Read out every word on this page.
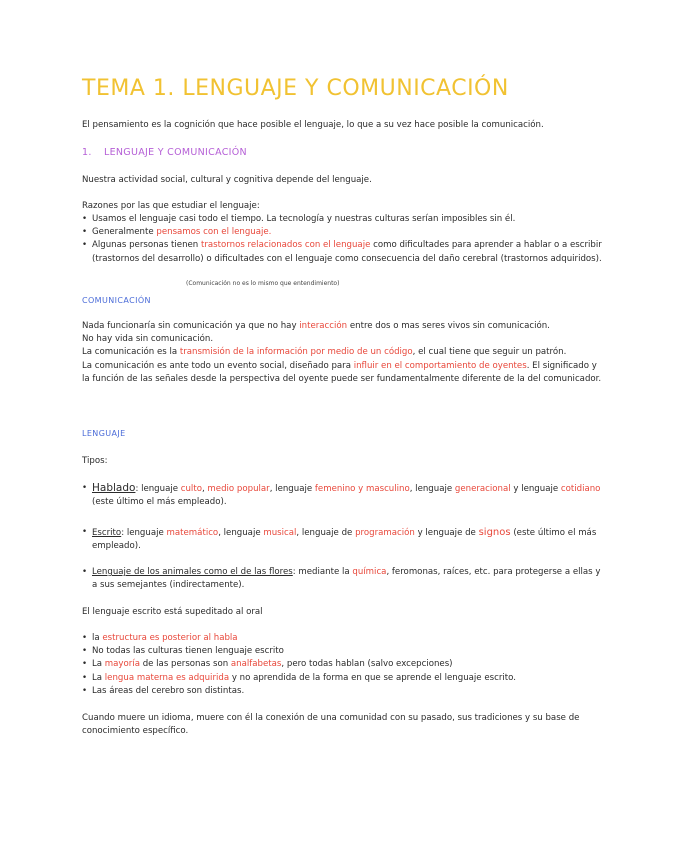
TEMA 1. LENGUAJE Y COMUNICACIÓN
El pensamiento es la cognición que hace posible el lenguaje, lo que a su vez hace posible la comunicación.
1. LENGUAJE Y COMUNICACIÓN
Nuestra actividad social, cultural y cognitiva depende del lenguaje.
Razones por las que estudiar el lenguaje:
• Usamos el lenguaje casi todo el tiempo. La tecnología y nuestras culturas serían imposibles sin él.
• Generalmente pensamos con el lenguaje.
• Algunas personas tienen trastornos relacionados con el lenguaje como dificultades para aprender a hablar o a escribir (trastornos del desarrollo) o dificultades con el lenguaje como consecuencia del daño cerebral (trastornos adquiridos).
(Comunicación no es lo mismo que entendimiento)
COMUNICACIÓN
Nada funcionaría sin comunicación ya que no hay interacción entre dos o mas seres vivos sin comunicación.
No hay vida sin comunicación.
La comunicación es la transmisión de la información por medio de un código, el cual tiene que seguir un patrón.
La comunicación es ante todo un evento social, diseñado para influir en el comportamiento de oyentes. El significado y la función de las señales desde la perspectiva del oyente puede ser fundamentalmente diferente de la del comunicador.
LENGUAJE
Tipos:
• Hablado: lenguaje culto, medio popular, lenguaje femenino y masculino, lenguaje generacional y lenguaje cotidiano (este último el más empleado).
• Escrito: lenguaje matemático, lenguaje musical, lenguaje de programación y lenguaje de signos (este último el más empleado).
• Lenguaje de los animales como el de las flores: mediante la química, feromonas, raíces, etc. para protegerse a ellas y a sus semejantes (indirectamente).
El lenguaje escrito está supeditado al oral
• la estructura es posterior al habla
• No todas las culturas tienen lenguaje escrito
• La mayoría de las personas son analfabetas, pero todas hablan (salvo excepciones)
• La lengua materna es adquirida y no aprendida de la forma en que se aprende el lenguaje escrito.
• Las áreas del cerebro son distintas.
Cuando muere un idioma, muere con él la conexión de una comunidad con su pasado, sus tradiciones y su base de conocimiento específico.
